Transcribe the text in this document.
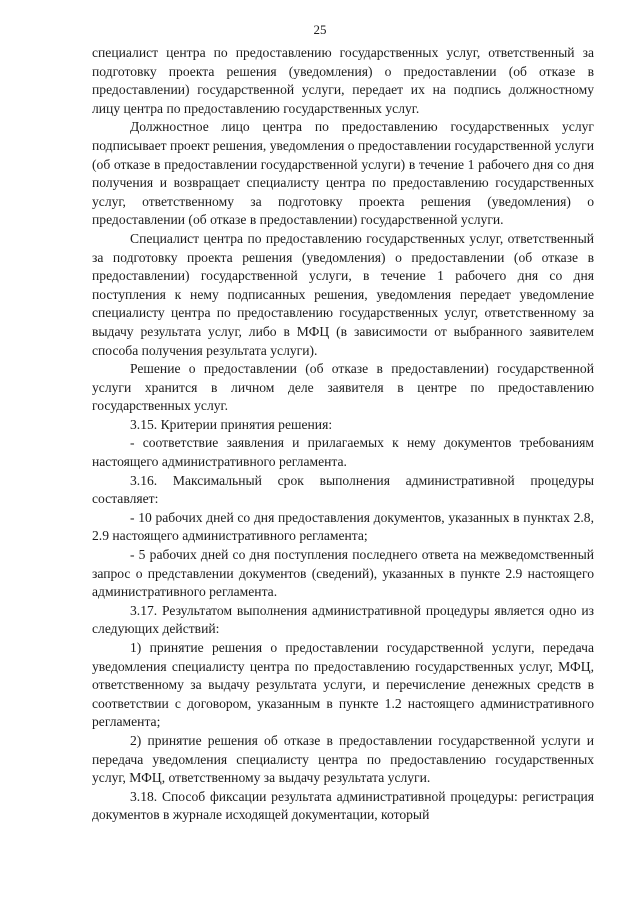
25

специалист центра по предоставлению государственных услуг, ответственный за подготовку проекта решения (уведомления) о предоставлении (об отказе в предоставлении) государственной услуги, передает их на подпись должностному лицу центра по предоставлению государственных услуг.

Должностное лицо центра по предоставлению государственных услуг подписывает проект решения, уведомления о предоставлении государственной услуги (об отказе в предоставлении государственной услуги) в течение 1 рабочего дня со дня получения и возвращает специалисту центра по предоставлению государственных услуг, ответственному за подготовку проекта решения (уведомления) о предоставлении (об отказе в предоставлении) государственной услуги.

Специалист центра по предоставлению государственных услуг, ответственный за подготовку проекта решения (уведомления) о предоставлении (об отказе в предоставлении) государственной услуги, в течение 1 рабочего дня со дня поступления к нему подписанных решения, уведомления передает уведомление специалисту центра по предоставлению государственных услуг, ответственному за выдачу результата услуг, либо в МФЦ (в зависимости от выбранного заявителем способа получения результата услуги).

Решение о предоставлении (об отказе в предоставлении) государственной услуги хранится в личном деле заявителя в центре по предоставлению государственных услуг.

3.15. Критерии принятия решения:

- соответствие заявления и прилагаемых к нему документов требованиям настоящего административного регламента.

3.16. Максимальный срок выполнения административной процедуры составляет:

- 10 рабочих дней со дня предоставления документов, указанных в пунктах 2.8, 2.9 настоящего административного регламента;

- 5 рабочих дней со дня поступления последнего ответа на межведомственный запрос о представлении документов (сведений), указанных в пункте 2.9 настоящего административного регламента.

3.17. Результатом выполнения административной процедуры является одно из следующих действий:

1) принятие решения о предоставлении государственной услуги, передача уведомления специалисту центра по предоставлению государственных услуг, МФЦ, ответственному за выдачу результата услуги, и перечисление денежных средств в соответствии с договором, указанным в пункте 1.2 настоящего административного регламента;

2) принятие решения об отказе в предоставлении государственной услуги и передача уведомления специалисту центра по предоставлению государственных услуг, МФЦ, ответственному за выдачу результата услуги.

3.18. Способ фиксации результата административной процедуры: регистрация документов в журнале исходящей документации, который
